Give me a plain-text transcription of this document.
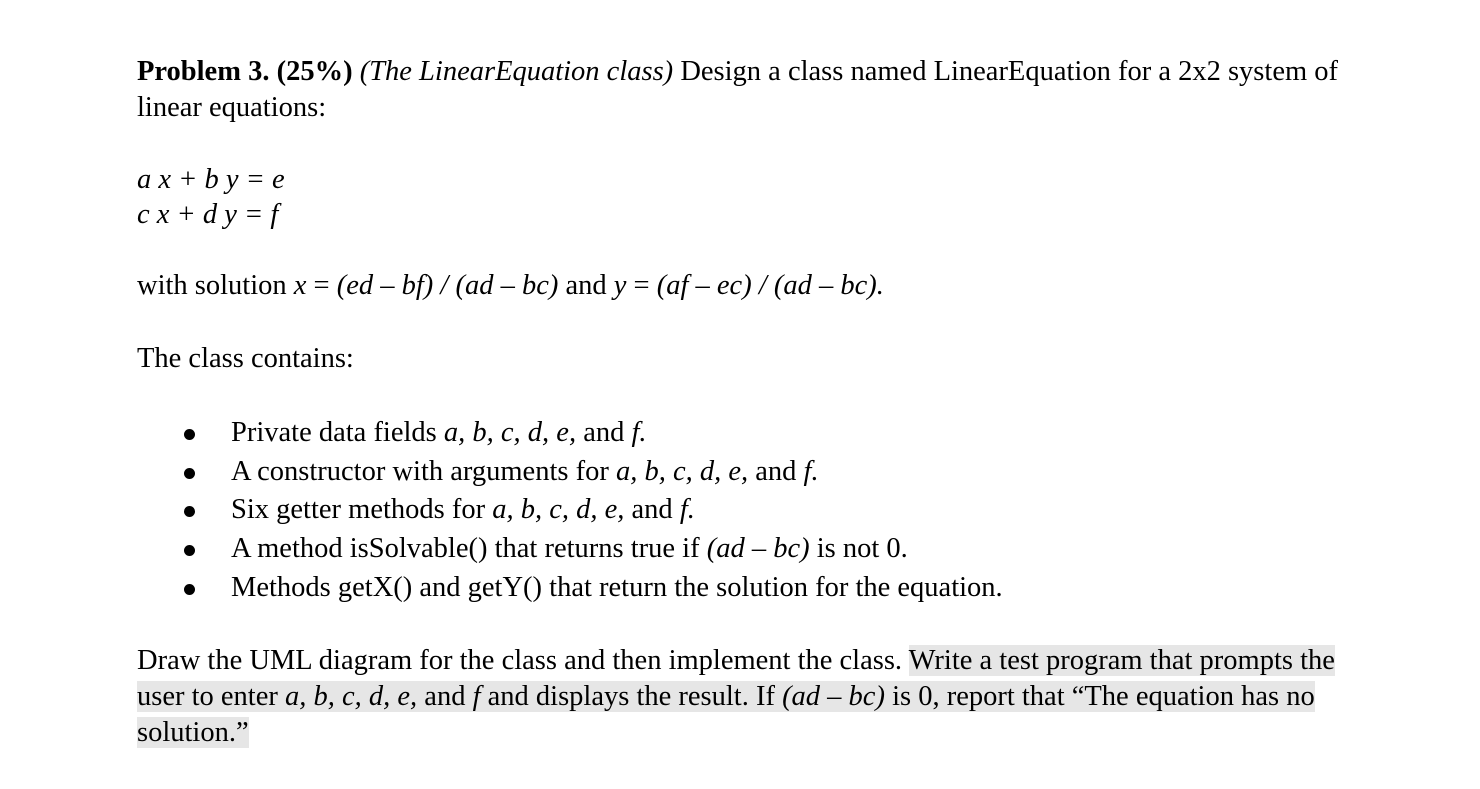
Problem 3. (25%) (The LinearEquation class) Design a class named LinearEquation for a 2x2 system of linear equations:

a x + b y = e
c x + d y = f

with solution x = (ed – bf) / (ad – bc) and y = (af – ec) / (ad – bc).

The class contains:

Private data fields a, b, c, d, e, and f.
A constructor with arguments for a, b, c, d, e, and f.
Six getter methods for a, b, c, d, e, and f.
A method isSolvable() that returns true if (ad – bc) is not 0.
Methods getX() and getY() that return the solution for the equation.

Draw the UML diagram for the class and then implement the class. Write a test program that prompts the user to enter a, b, c, d, e, and f and displays the result. If (ad – bc) is 0, report that “The equation has no solution.”
